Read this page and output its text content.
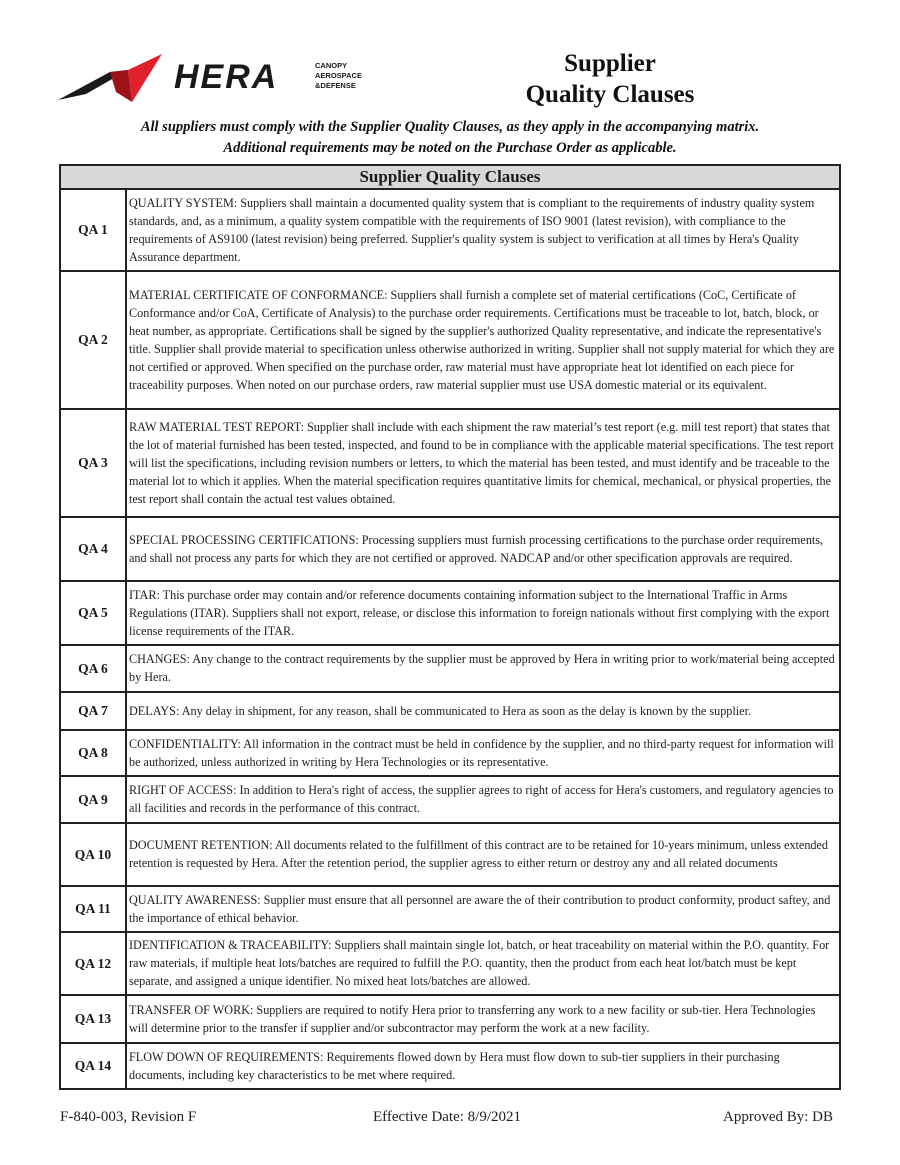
HERA	CANOPY
AEROSPACE
&DEFENSE
Supplier
Quality Clauses
All suppliers must comply with the Supplier Quality Clauses, as they apply in the accompanying matrix.
Additional requirements may be noted on the Purchase Order as applicable.
Supplier Quality Clauses	
QA 1	QUALITY SYSTEM: Suppliers shall maintain a documented quality system that is compliant to the requirements of industry quality system standards, and, as a minimum, a quality system compatible with the requirements of ISO 9001 (latest revision), with compliance to the requirements of AS9100 (latest revision) being preferred. Supplier's quality system is subject to verification at all times by Hera's Quality Assurance department.
QA 2	MATERIAL CERTIFICATE OF CONFORMANCE: Suppliers shall furnish a complete set of material certifications (CoC, Certificate of Conformance and/or CoA, Certificate of Analysis) to the purchase order requirements. Certifications must be traceable to lot, batch, block, or heat number, as appropriate. Certifications shall be signed by the supplier's authorized Quality representative, and indicate the representative's title. Supplier shall provide material to specification unless otherwise authorized in writing. Supplier shall not supply material for which they are not certified or approved. When specified on the purchase order, raw material must have appropriate heat lot identified on each piece for traceability purposes. When noted on our purchase orders, raw material supplier must use USA domestic material or its equivalent.
QA 3	RAW MATERIAL TEST REPORT: Supplier shall include with each shipment the raw material’s test report (e.g. mill test report) that states that the lot of material furnished has been tested, inspected, and found to be in compliance with the applicable material specifications. The test report will list the specifications, including revision numbers or letters, to which the material has been tested, and must identify and be traceable to the material lot to which it applies. When the material specification requires quantitative limits for chemical, mechanical, or physical properties, the test report shall contain the actual test values obtained.
QA 4	SPECIAL PROCESSING CERTIFICATIONS: Processing suppliers must furnish processing certifications to the purchase order requirements, and shall not process any parts for which they are not certified or approved. NADCAP and/or other specification approvals are required.
QA 5	ITAR: This purchase order may contain and/or reference documents containing information subject to the International Traffic in Arms Regulations (ITAR). Suppliers shall not export, release, or disclose this information to foreign nationals without first complying with the export license requirements of the ITAR.
QA 6	CHANGES: Any change to the contract requirements by the supplier must be approved by Hera in writing prior to work/material being accepted by Hera.
QA 7	DELAYS: Any delay in shipment, for any reason, shall be communicated to Hera as soon as the delay is known by the supplier.
QA 8	CONFIDENTIALITY: All information in the contract must be held in confidence by the supplier, and no third-party request for information will be authorized, unless authorized in writing by Hera Technologies or its representative.
QA 9	RIGHT OF ACCESS: In addition to Hera's right of access, the supplier agrees to right of access for Hera's customers, and regulatory agencies to all facilities and records in the performance of this contract.
QA 10	DOCUMENT RETENTION: All documents related to the fulfillment of this contract are to be retained for 10-years minimum, unless extended retention is requested by Hera. After the retention period, the supplier agress to either return or destroy any and all related documents
QA 11	QUALITY AWARENESS: Supplier must ensure that all personnel are aware the of their contribution to product conformity, product saftey, and the importance of ethical behavior.
QA 12	IDENTIFICATION & TRACEABILITY: Suppliers shall maintain single lot, batch, or heat traceability on material within the P.O. quantity. For raw materials, if multiple heat lots/batches are required to fulfill the P.O. quantity, then the product from each heat lot/batch must be kept separate, and assigned a unique identifier. No mixed heat lots/batches are allowed.
QA 13	TRANSFER OF WORK: Suppliers are required to notify Hera prior to transferring any work to a new facility or sub-tier. Hera Technologies will determine prior to the transfer if supplier and/or subcontractor may perform the work at a new facility.
QA 14	FLOW DOWN OF REQUIREMENTS: Requirements flowed down by Hera must flow down to sub-tier suppliers in their purchasing documents, including key characteristics to be met where required.
F-840-003, Revision F	Effective Date: 8/9/2021	Approved By: DB
